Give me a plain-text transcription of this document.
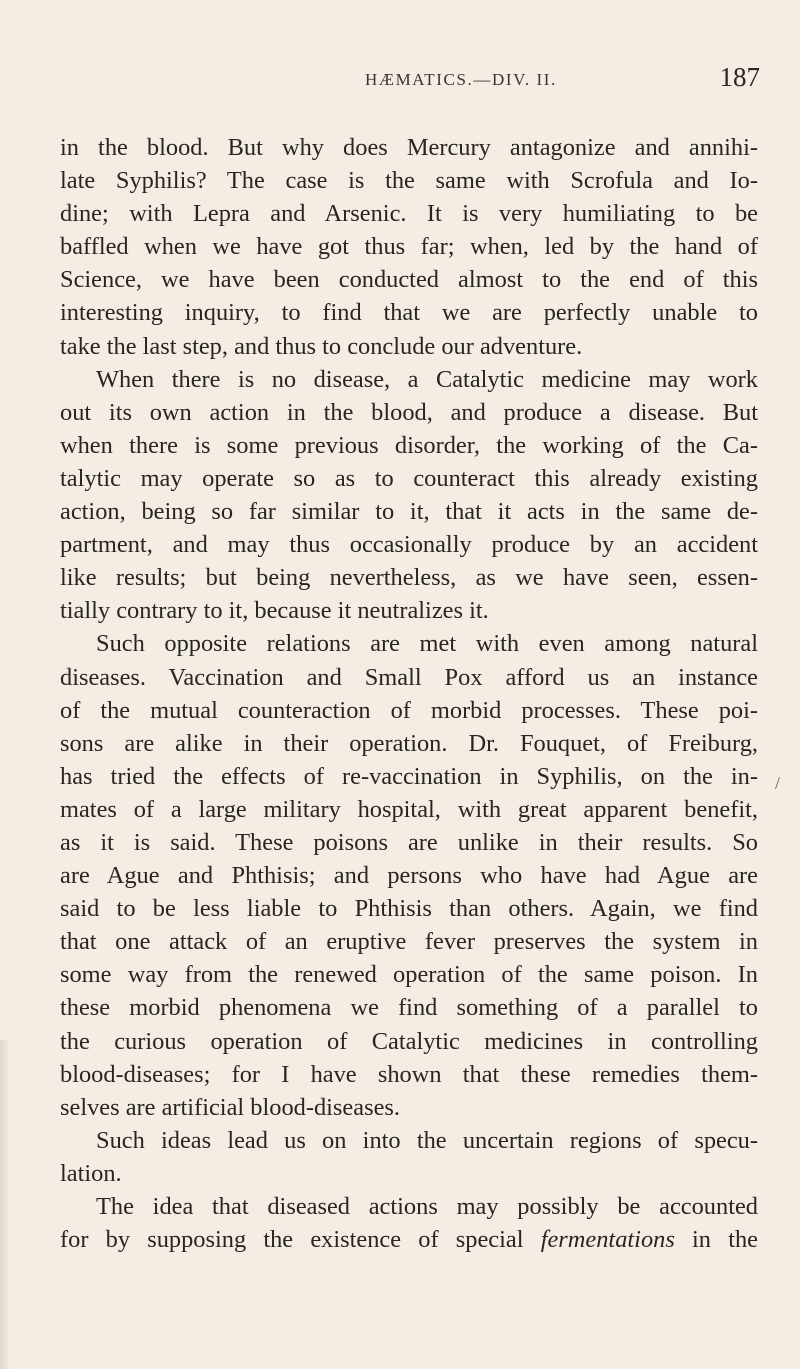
HÆMATICS.—DIV. II.	187
in the blood. But why does Mercury antagonize and annihi-
late Syphilis? The case is the same with Scrofula and Io-
dine; with Lepra and Arsenic. It is very humiliating to be
baffled when we have got thus far; when, led by the hand of
Science, we have been conducted almost to the end of this
interesting inquiry, to find that we are perfectly unable to
take the last step, and thus to conclude our adventure.
When there is no disease, a Catalytic medicine may work
out its own action in the blood, and produce a disease. But
when there is some previous disorder, the working of the Ca-
talytic may operate so as to counteract this already existing
action, being so far similar to it, that it acts in the same de-
partment, and may thus occasionally produce by an accident
like results; but being nevertheless, as we have seen, essen-
tially contrary to it, because it neutralizes it.
Such opposite relations are met with even among natural
diseases. Vaccination and Small Pox afford us an instance
of the mutual counteraction of morbid processes. These poi-
sons are alike in their operation. Dr. Fouquet, of Freiburg,
has tried the effects of re-vaccination in Syphilis, on the in-
mates of a large military hospital, with great apparent benefit,
as it is said. These poisons are unlike in their results. So
are Ague and Phthisis; and persons who have had Ague are
said to be less liable to Phthisis than others. Again, we find
that one attack of an eruptive fever preserves the system in
some way from the renewed operation of the same poison. In
these morbid phenomena we find something of a parallel to
the curious operation of Catalytic medicines in controlling
blood-diseases; for I have shown that these remedies them-
selves are artificial blood-diseases.
Such ideas lead us on into the uncertain regions of specu-
lation.
The idea that diseased actions may possibly be accounted
for by supposing the existence of special fermentations in the
/
